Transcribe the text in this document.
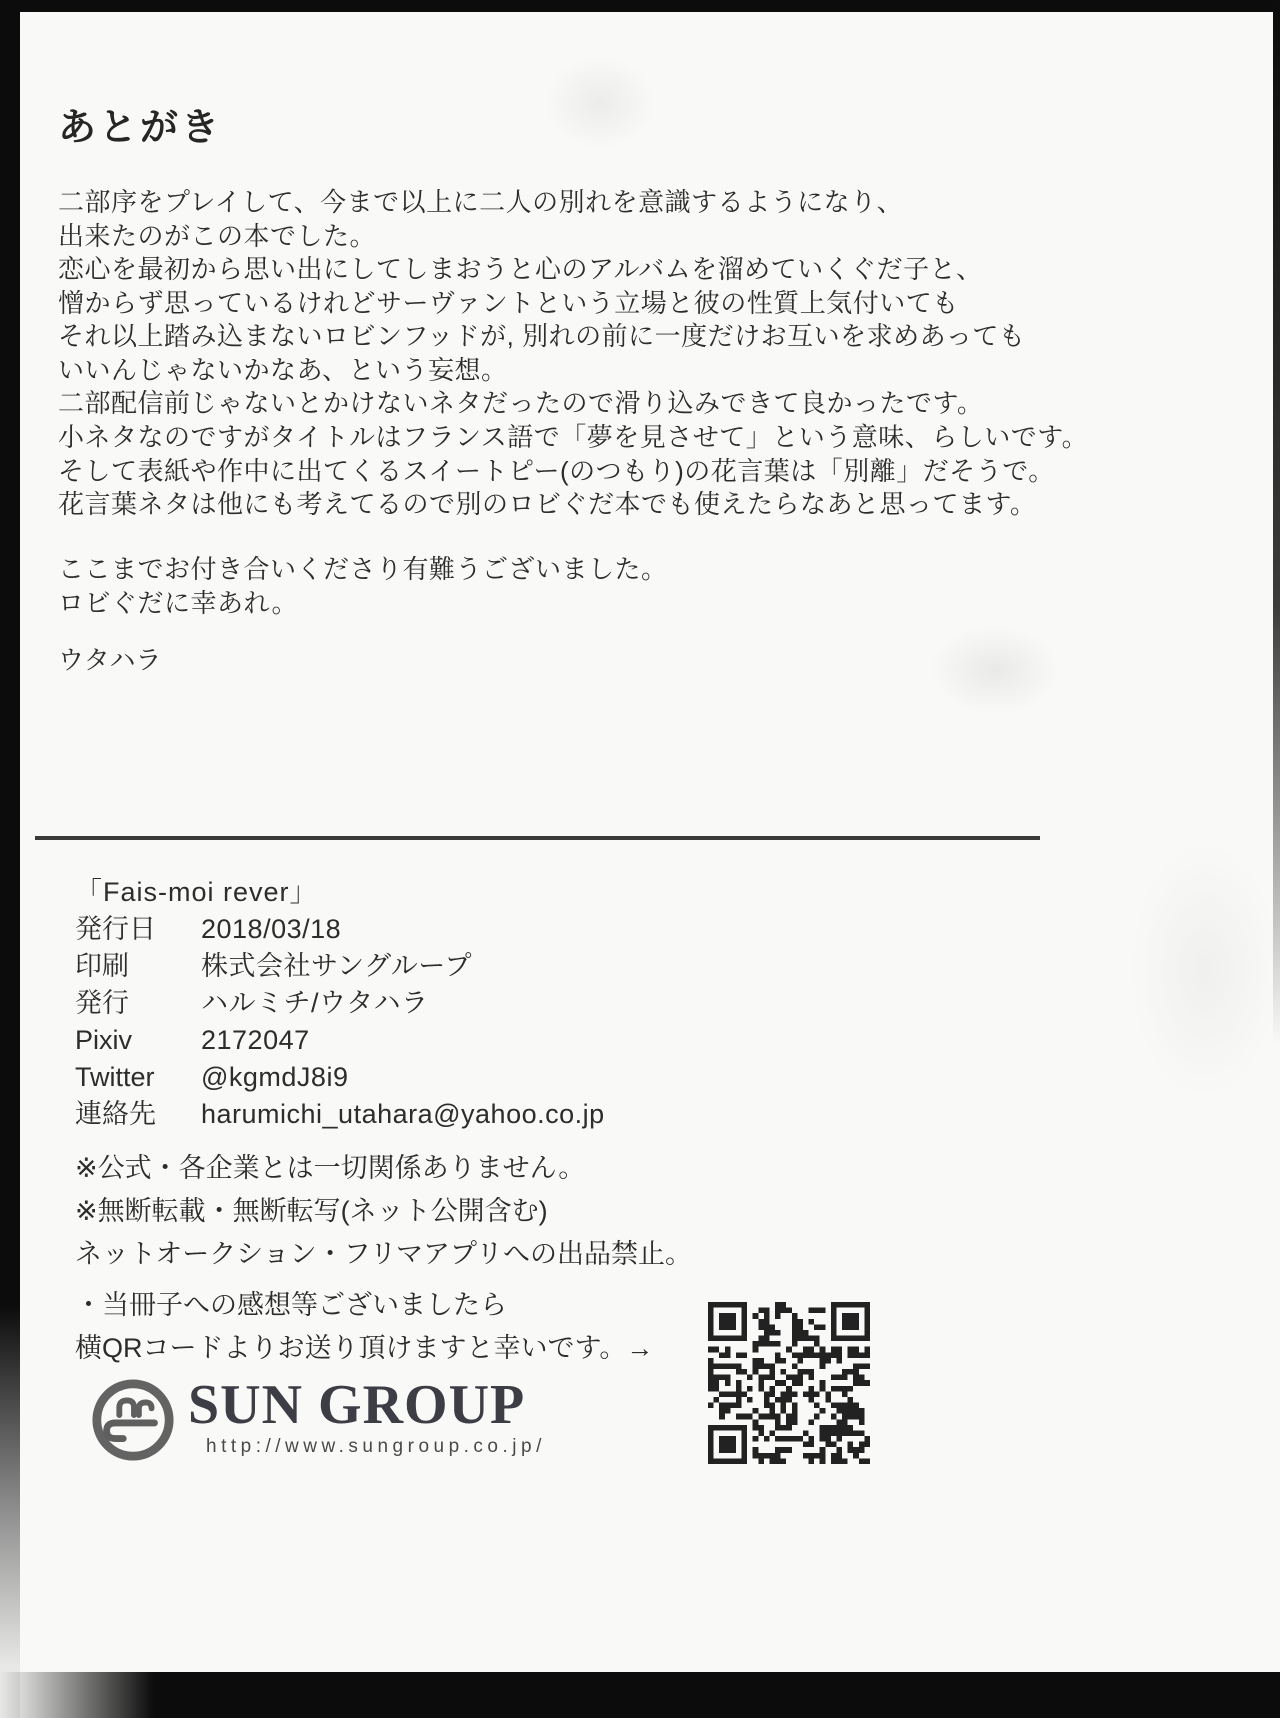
あとがき
二部序をプレイして、今まで以上に二人の別れを意識するようになり、
出来たのがこの本でした。
恋心を最初から思い出にしてしまおうと心のアルバムを溜めていくぐだ子と、
憎からず思っているけれどサーヴァントという立場と彼の性質上気付いても
それ以上踏み込まないロビンフッドが, 別れの前に一度だけお互いを求めあっても
いいんじゃないかなあ、という妄想。
二部配信前じゃないとかけないネタだったので滑り込みできて良かったです。
小ネタなのですがタイトルはフランス語で「夢を見させて」という意味、らしいです。
そして表紙や作中に出てくるスイートピー(のつもり)の花言葉は「別離」だそうで。
花言葉ネタは他にも考えてるので別のロビぐだ本でも使えたらなあと思ってます。
ここまでお付き合いくださり有難うございました。
ロビぐだに幸あれ。
ウタハラ
「Fais-moi rever」
発行日	2018/03/18
印刷	株式会社サングループ
発行	ハルミチ/ウタハラ
Pixiv	2172047
Twitter	@kgmdJ8i9
連絡先	harumichi_utahara@yahoo.co.jp
※公式・各企業とは一切関係ありません。
※無断転載・無断転写(ネット公開含む)
ネットオークション・フリマアプリへの出品禁止。
・当冊子への感想等ございましたら
横QRコードよりお送り頂けますと幸いです。→
SUN GROUP
http://www.sungroup.co.jp/
